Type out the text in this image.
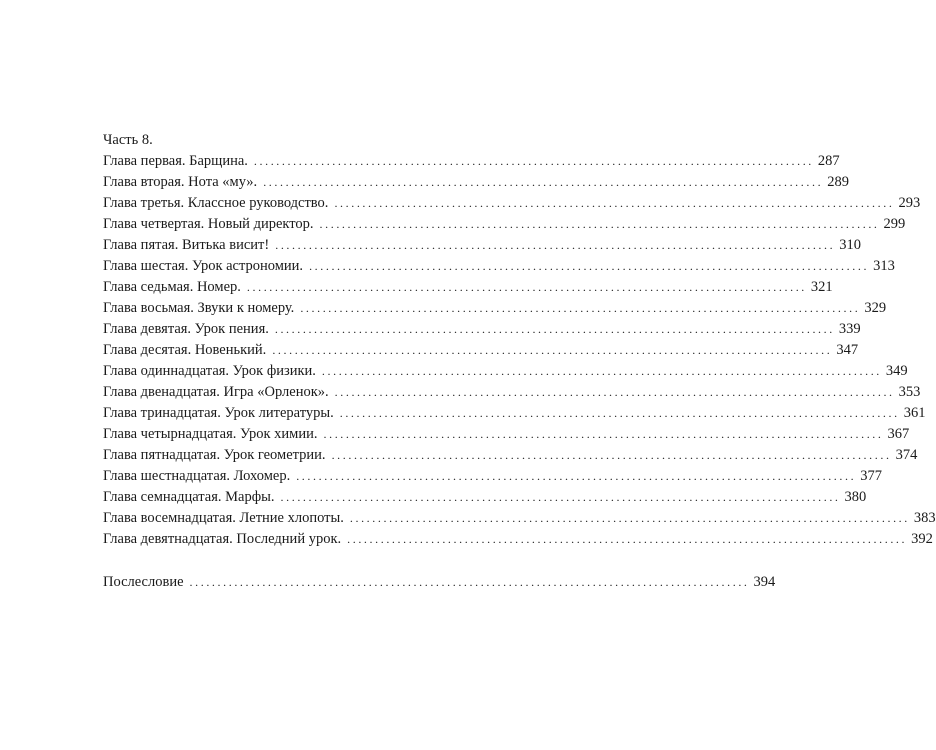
Часть 8.

Глава первая. Барщина. .................................................................................................... 287
Глава вторая. Нота «му». .................................................................................................... 289
Глава третья. Классное руководство. .................................................................................................... 293
Глава четвертая. Новый директор. .................................................................................................... 299
Глава пятая. Витька висит! .................................................................................................... 310
Глава шестая. Урок астрономии. .................................................................................................... 313
Глава седьмая. Номер. .................................................................................................... 321
Глава восьмая. Звуки к номеру. .................................................................................................... 329
Глава девятая. Урок пения. .................................................................................................... 339
Глава десятая. Новенький. .................................................................................................... 347
Глава одиннадцатая. Урок физики. .................................................................................................... 349
Глава двенадцатая. Игра «Орленок». .................................................................................................... 353
Глава тринадцатая. Урок литературы. .................................................................................................... 361
Глава четырнадцатая. Урок химии. .................................................................................................... 367
Глава пятнадцатая. Урок геометрии. .................................................................................................... 374
Глава шестнадцатая. Лохомер. .................................................................................................... 377
Глава семнадцатая. Марфы. .................................................................................................... 380
Глава восемнадцатая. Летние хлопоты. .................................................................................................... 383
Глава девятнадцатая. Последний урок. .................................................................................................... 392
Послесловие .................................................................................................... 394
